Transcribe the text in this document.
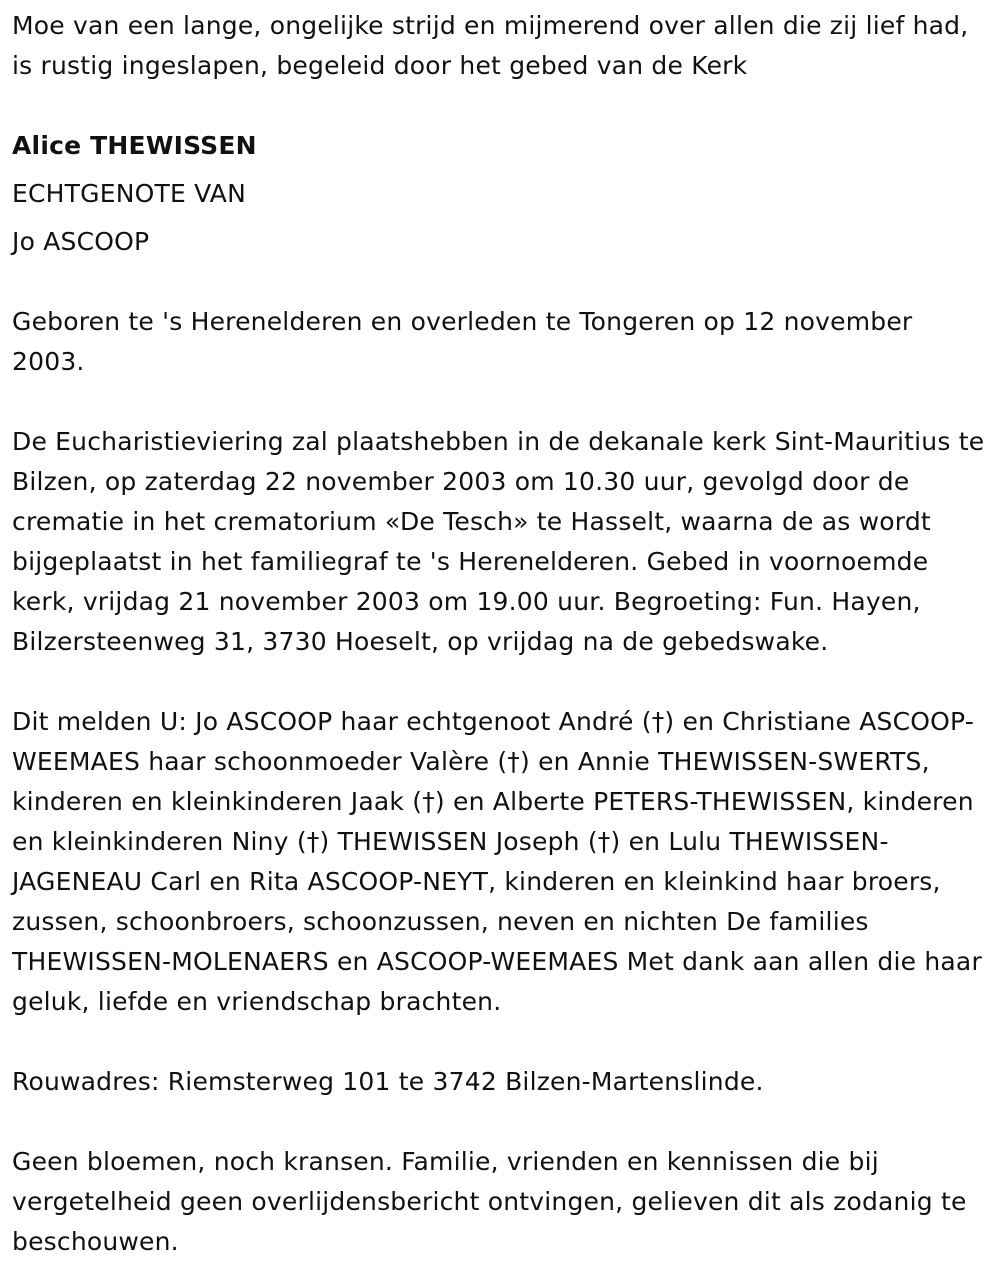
Moe van een lange, ongelijke strijd en mijmerend over allen die zij lief had, is rustig ingeslapen, begeleid door het gebed van de Kerk

Alice THEWISSEN

ECHTGENOTE VAN

Jo ASCOOP

Geboren te 's Herenelderen en overleden te Tongeren op 12 november 2003.

De Eucharistieviering zal plaatshebben in de dekanale kerk Sint-Mauritius te Bilzen, op zaterdag 22 november 2003 om 10.30 uur, gevolgd door de crematie in het crematorium «De Tesch» te Hasselt, waarna de as wordt bijgeplaatst in het familiegraf te 's Herenelderen. Gebed in voornoemde kerk, vrijdag 21 november 2003 om 19.00 uur. Begroeting: Fun. Hayen, Bilzersteenweg 31, 3730 Hoeselt, op vrijdag na de gebedswake.

Dit melden U: Jo ASCOOP haar echtgenoot André (†) en Christiane ASCOOP-WEEMAES haar schoonmoeder Valère (†) en Annie THEWISSEN-SWERTS, kinderen en kleinkinderen Jaak (†) en Alberte PETERS-THEWISSEN, kinderen en kleinkinderen Niny (†) THEWISSEN Joseph (†) en Lulu THEWISSEN-JAGENEAU Carl en Rita ASCOOP-NEYT, kinderen en kleinkind haar broers, zussen, schoonbroers, schoonzussen, neven en nichten De families THEWISSEN-MOLENAERS en ASCOOP-WEEMAES Met dank aan allen die haar geluk, liefde en vriendschap brachten.

Rouwadres: Riemsterweg 101 te 3742 Bilzen-Martenslinde.

Geen bloemen, noch kransen. Familie, vrienden en kennissen die bij vergetelheid geen overlijdensbericht ontvingen, gelieven dit als zodanig te beschouwen.
